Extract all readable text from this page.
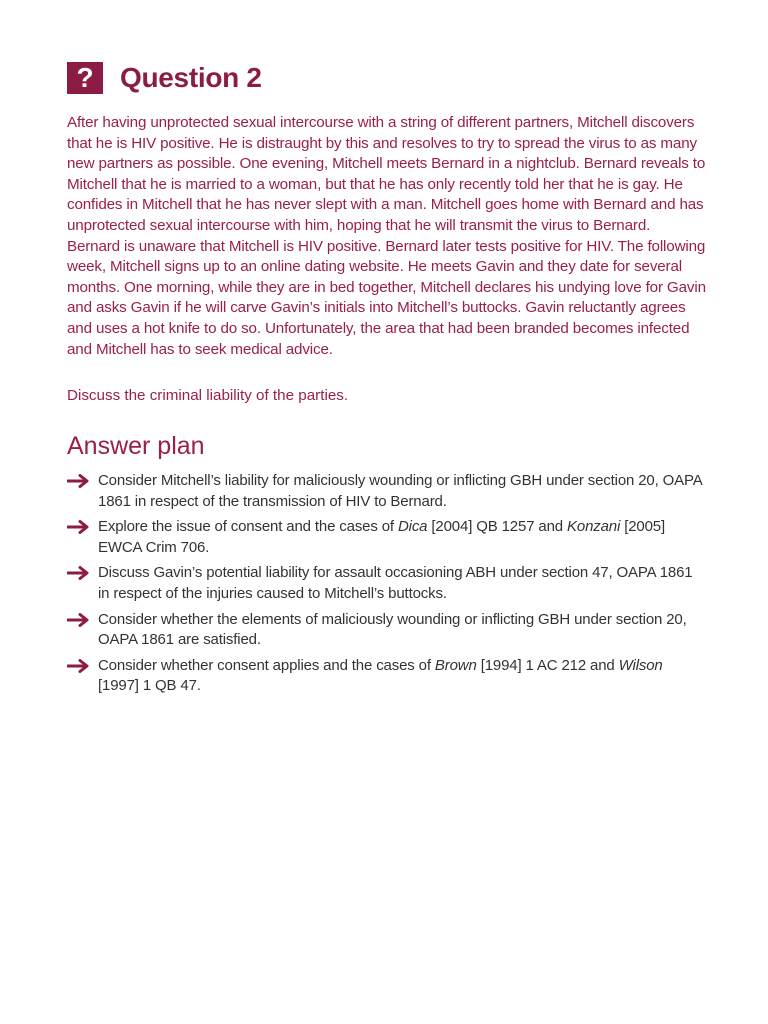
? Question 2

After having unprotected sexual intercourse with a string of different partners, Mitchell discovers that he is HIV positive. He is distraught by this and resolves to try to spread the virus to as many new partners as possible. One evening, Mitchell meets Bernard in a nightclub. Bernard reveals to Mitchell that he is married to a woman, but that he has only recently told her that he is gay. He confides in Mitchell that he has never slept with a man. Mitchell goes home with Bernard and has unprotected sexual intercourse with him, hoping that he will transmit the virus to Bernard. Bernard is unaware that Mitchell is HIV positive. Bernard later tests positive for HIV. The following week, Mitchell signs up to an online dating website. He meets Gavin and they date for several months. One morning, while they are in bed together, Mitchell declares his undying love for Gavin and asks Gavin if he will carve Gavin’s initials into Mitchell’s buttocks. Gavin reluctantly agrees and uses a hot knife to do so. Unfortunately, the area that had been branded becomes infected and Mitchell has to seek medical advice.

Discuss the criminal liability of the parties.

Answer plan
Consider Mitchell’s liability for maliciously wounding or inflicting GBH under section 20, OAPA 1861 in respect of the transmission of HIV to Bernard.
Explore the issue of consent and the cases of Dica [2004] QB 1257 and Konzani [2005] EWCA Crim 706.
Discuss Gavin’s potential liability for assault occasioning ABH under section 47, OAPA 1861 in respect of the injuries caused to Mitchell’s buttocks.
Consider whether the elements of maliciously wounding or inflicting GBH under section 20, OAPA 1861 are satisfied.
Consider whether consent applies and the cases of Brown [1994] 1 AC 212 and Wilson [1997] 1 QB 47.
